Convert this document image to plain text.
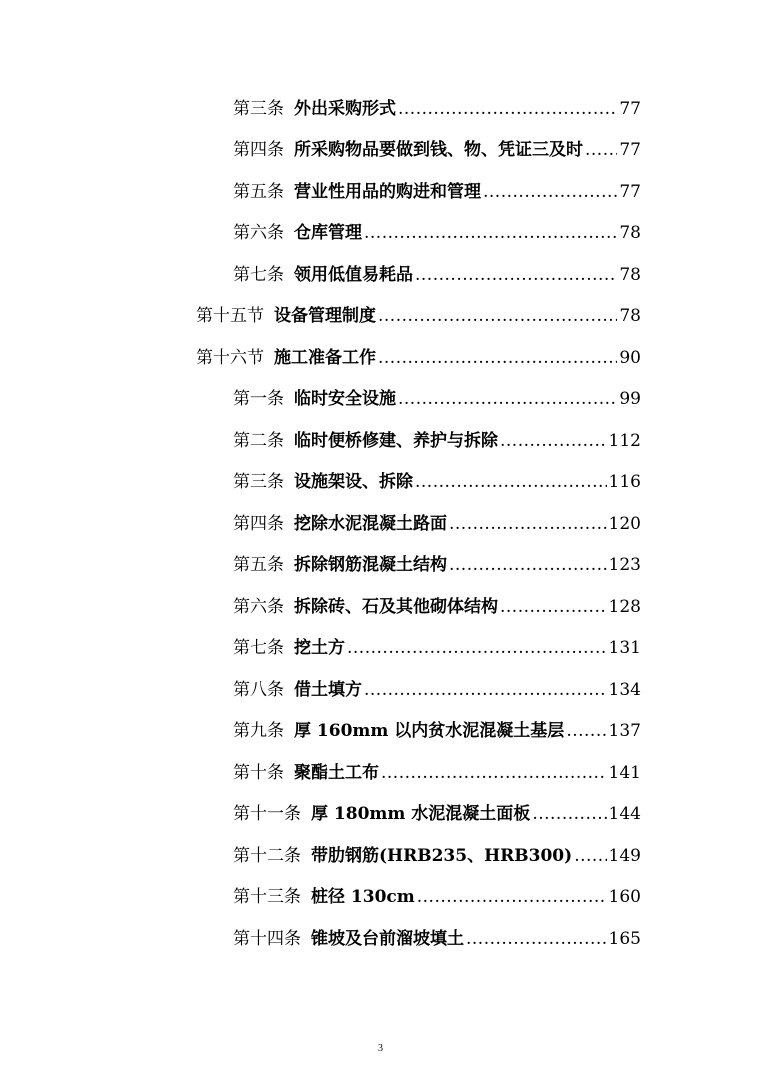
第三条 外出采购形式 .....	77
第四条 所采购物品要做到钱、物、凭证三及时 ..... 77
第五条 营业性用品的购进和管理 .....	77
第六条 仓库管理 .....	78
第七条 领用低值易耗品 .....	78
第十五节 设备管理制度 .....	78
第十六节 施工准备工作 .....	90
第一条 临时安全设施 .....	99
第二条 临时便桥修建、养护与拆除 .....	112
第三条 设施架设、拆除 .....	116
第四条 挖除水泥混凝土路面 .....	120
第五条 拆除钢筋混凝土结构 .....	123
第六条 拆除砖、石及其他砌体结构 .....	128
第七条 挖土方 .....	131
第八条 借土填方 .....	134
第九条 厚 160mm 以内贫水泥混凝土基层 .....	137
第十条 聚酯土工布 .....	141
第十一条 厚 180mm 水泥混凝土面板 .....	144
第十二条 带肋钢筋(HRB235、HRB300) ..... 149
第十三条 桩径 130cm .....	160
第十四条 锥坡及台前溜坡填土 .....	165
3
